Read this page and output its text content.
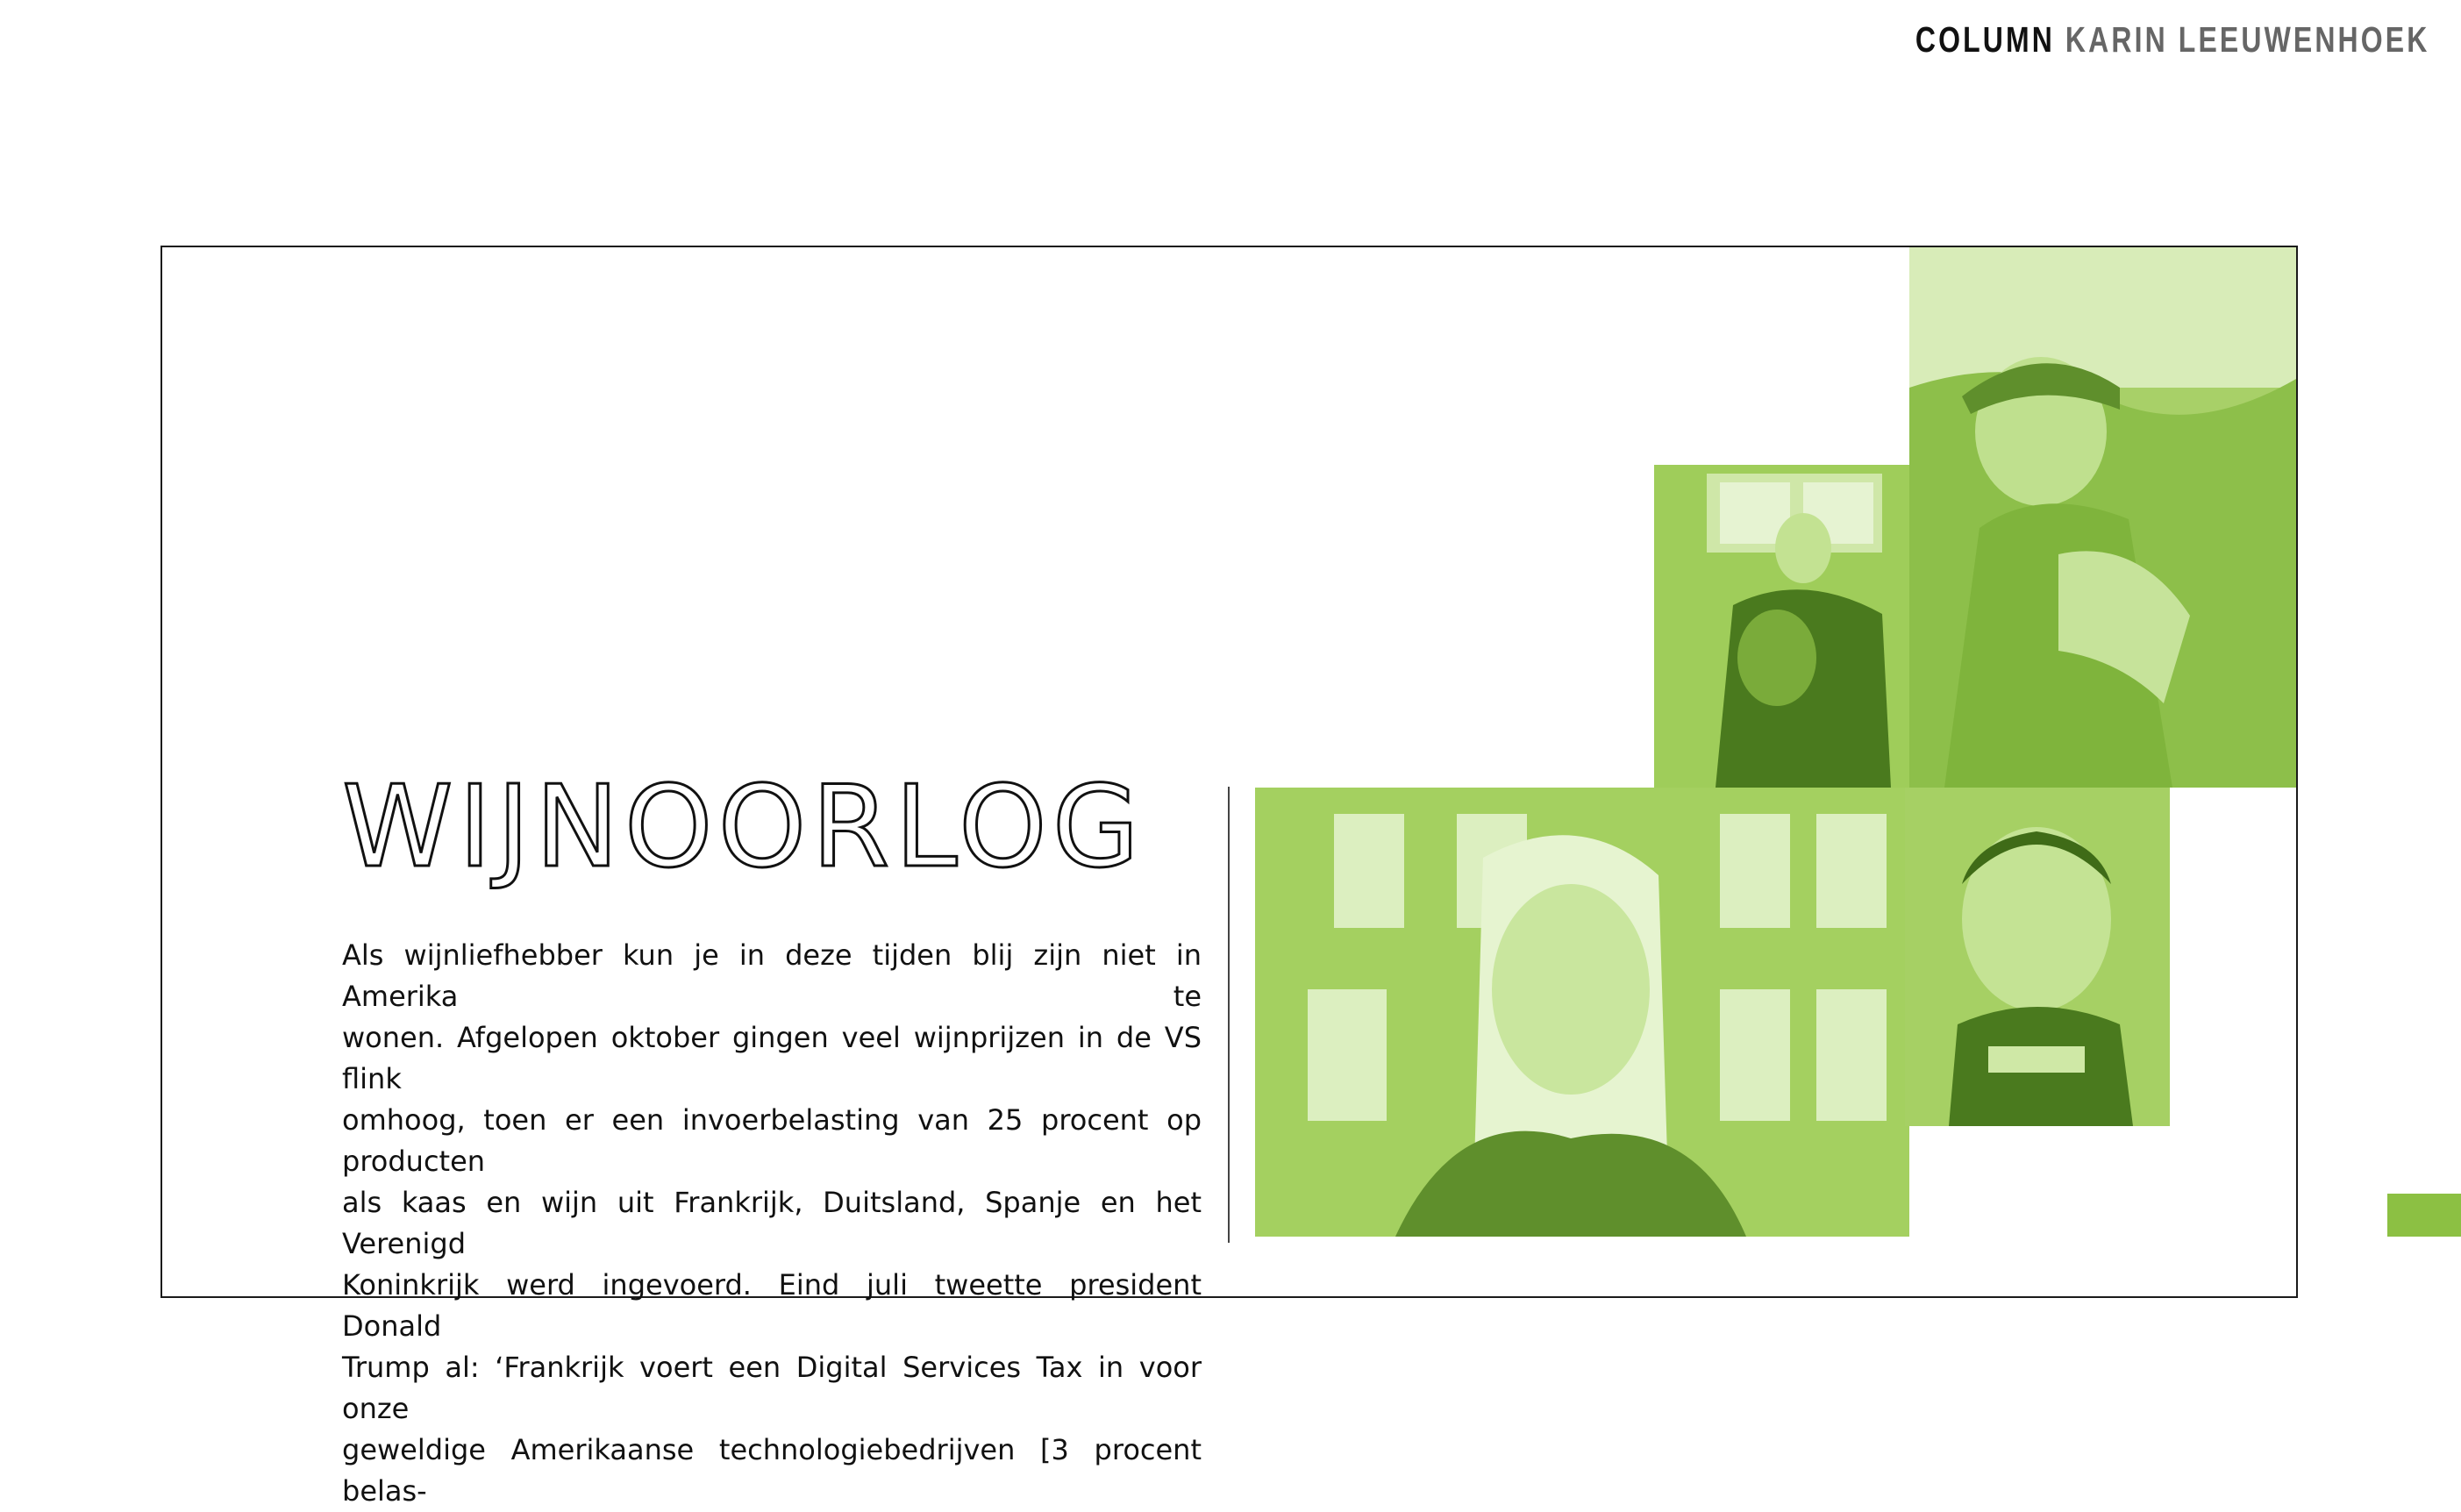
COLUMN KARIN LEEUWENHOEK
WIJNOORLOG
Als wijnliefhebber kun je in deze tijden blij zijn niet in Amerika te
wonen. Afgelopen oktober gingen veel wijnprijzen in de VS flink
omhoog, toen er een invoerbelasting van 25 procent op producten
als kaas en wijn uit Frankrijk, Duitsland, Spanje en het Verenigd
Koninkrijk werd ingevoerd. Eind juli tweette president Donald
Trump al: ‘Frankrijk voert een Digital Services Tax in voor onze
geweldige Amerikaanse technologiebedrijven [3 procent belas-
